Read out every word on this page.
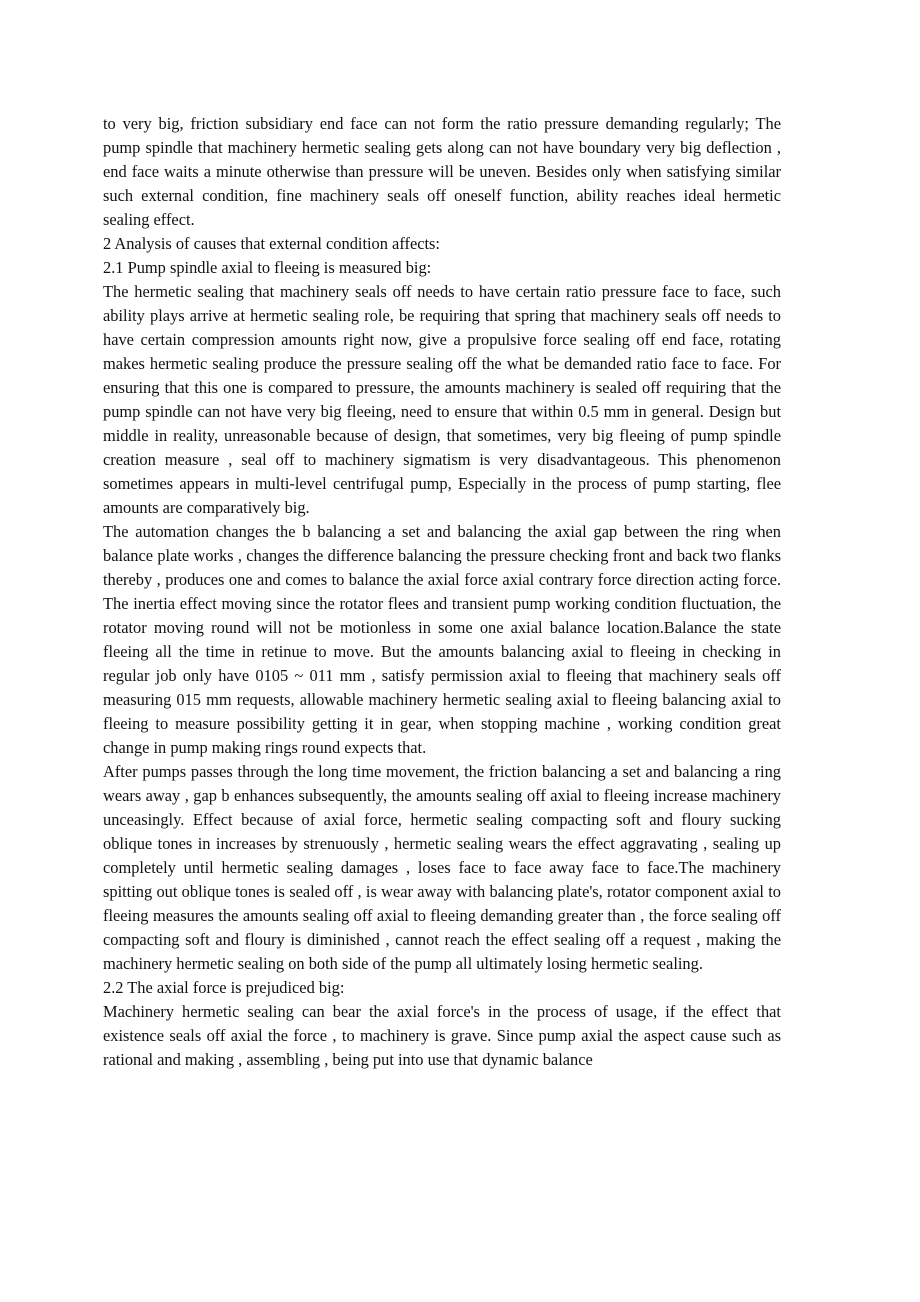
to very big, friction subsidiary end face can not form the ratio pressure demanding regularly; The pump spindle that machinery hermetic sealing gets along can not have boundary very big deflection , end face waits a minute otherwise than pressure will be uneven. Besides only when satisfying similar such external condition, fine machinery seals off oneself function, ability reaches ideal hermetic sealing effect.

2 Analysis of causes that external condition affects:

2.1 Pump spindle axial to fleeing is measured big:

The hermetic sealing that machinery seals off needs to have certain ratio pressure face to face, such ability plays arrive at hermetic sealing role, be requiring that spring that machinery seals off needs to have certain compression amounts right now, give a propulsive force sealing off end face, rotating makes hermetic sealing produce the pressure sealing off the what be demanded ratio face to face. For ensuring that this one is compared to pressure, the amounts machinery is sealed off requiring that the pump spindle can not have very big fleeing, need to ensure that within 0.5 mm in general. Design but middle in reality, unreasonable because of design, that sometimes, very big fleeing of pump spindle creation measure , seal off to machinery sigmatism is very disadvantageous. This phenomenon sometimes appears in multi-level centrifugal pump, Especially in the process of pump starting, flee amounts are comparatively big.

The automation changes the b balancing a set and balancing the axial gap between the ring when balance plate works , changes the difference balancing the pressure checking front and back two flanks thereby , produces one and comes to balance the axial force axial contrary force direction acting force. The inertia effect moving since the rotator flees and transient pump working condition fluctuation, the rotator moving round will not be motionless in some one axial balance location.Balance the state fleeing all the time in retinue to move. But the amounts balancing axial to fleeing in checking in regular job only have 0105 ~ 011 mm , satisfy permission axial to fleeing that machinery seals off measuring 015 mm requests, allowable machinery hermetic sealing axial to fleeing balancing axial to fleeing to measure possibility getting it in gear, when stopping machine , working condition great change in pump making rings round expects that.

After pumps passes through the long time movement, the friction balancing a set and balancing a ring wears away , gap b enhances subsequently, the amounts sealing off axial to fleeing increase machinery unceasingly. Effect because of axial force, hermetic sealing compacting soft and floury sucking oblique tones in increases by strenuously , hermetic sealing wears the effect aggravating , sealing up completely until hermetic sealing damages , loses face to face away face to face.The machinery spitting out oblique tones is sealed off , is wear away with balancing plate's, rotator component axial to fleeing measures the amounts sealing off axial to fleeing demanding greater than , the force sealing off compacting soft and floury is diminished , cannot reach the effect sealing off a request , making the machinery hermetic sealing on both side of the pump all ultimately losing hermetic sealing.

2.2 The axial force is prejudiced big:

Machinery hermetic sealing can bear the axial force's in the process of usage, if the effect that existence seals off axial the force , to machinery is grave. Since pump axial the aspect cause such as rational and making , assembling , being put into use that dynamic balance
